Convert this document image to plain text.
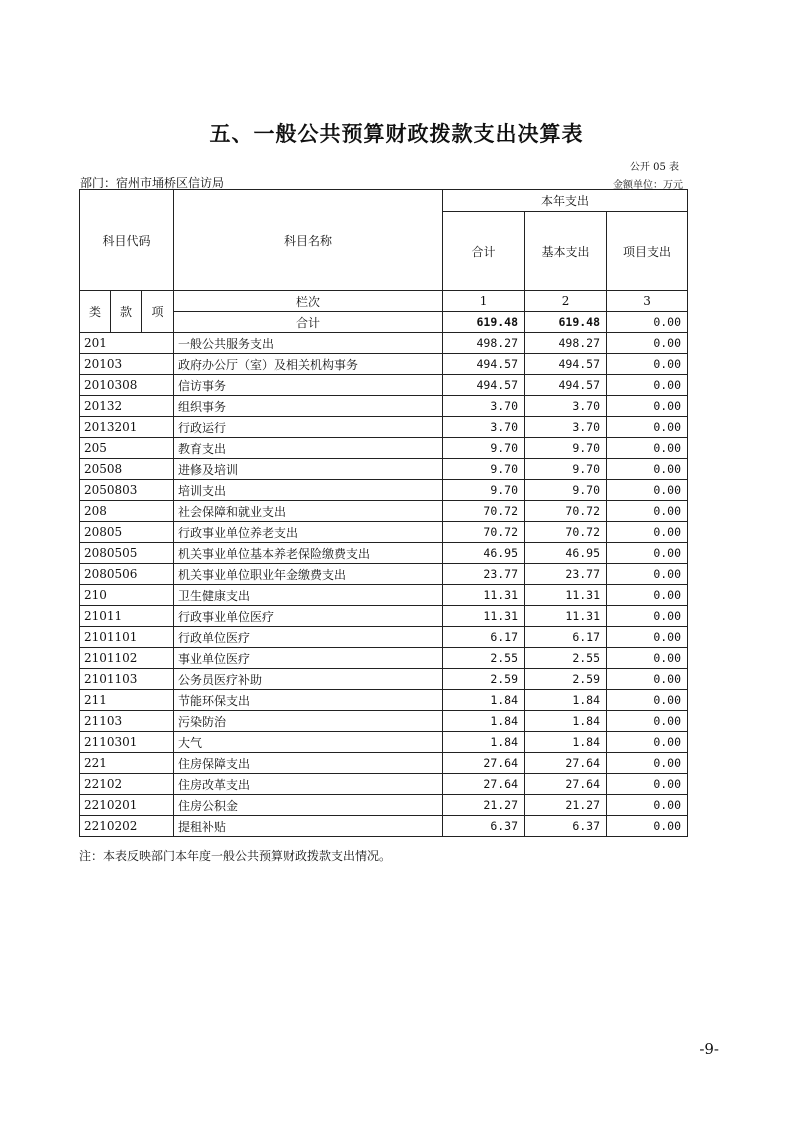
五、一般公共预算财政拨款支出决算表
公开 05 表
部门：宿州市埇桥区信访局	金额单位：万元
科目代码			科目名称	本年支出		
				合计	基本支出	项目支出

类	款	项	栏次	1	2	3
			合计	619.48	619.48	0.00
201			一般公共服务支出	498.27	498.27	0.00
20103			政府办公厅（室）及相关机构事务	494.57	494.57	0.00
2010308			信访事务	494.57	494.57	0.00
20132			组织事务	3.70	3.70	0.00
2013201			行政运行	3.70	3.70	0.00
205			教育支出	9.70	9.70	0.00
20508			进修及培训	9.70	9.70	0.00
2050803			培训支出	9.70	9.70	0.00
208			社会保障和就业支出	70.72	70.72	0.00
20805			行政事业单位养老支出	70.72	70.72	0.00
2080505			机关事业单位基本养老保险缴费支出	46.95	46.95	0.00
2080506			机关事业单位职业年金缴费支出	23.77	23.77	0.00
210			卫生健康支出	11.31	11.31	0.00
21011			行政事业单位医疗	11.31	11.31	0.00
2101101			行政单位医疗	6.17	6.17	0.00
2101102			事业单位医疗	2.55	2.55	0.00
2101103			公务员医疗补助	2.59	2.59	0.00
211			节能环保支出	1.84	1.84	0.00
21103			污染防治	1.84	1.84	0.00
2110301			大气	1.84	1.84	0.00
221			住房保障支出	27.64	27.64	0.00
22102			住房改革支出	27.64	27.64	0.00
2210201			住房公积金	21.27	21.27	0.00
2210202			提租补贴	6.37	6.37	0.00
注：本表反映部门本年度一般公共预算财政拨款支出情况。
-9-
